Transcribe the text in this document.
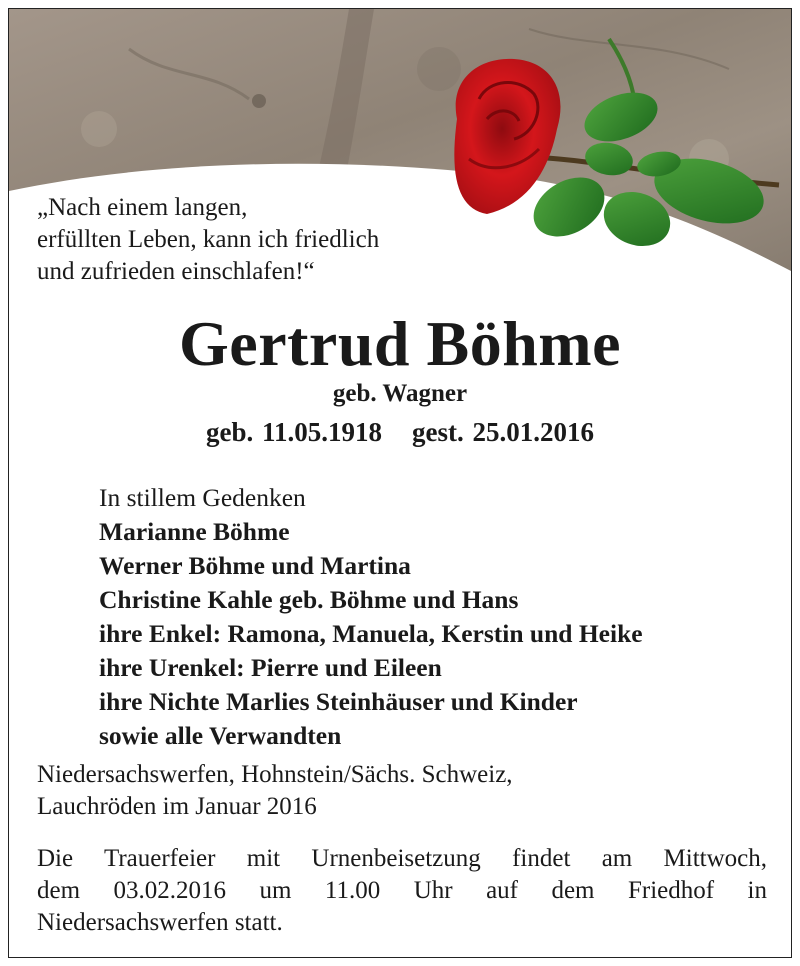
„Nach einem langen,
erfüllten Leben, kann ich friedlich
und zufrieden einschlafen!“
Gertrud Böhme
geb. Wagner
geb. 11.05.1918 gest. 25.01.2016
In stillem Gedenken
Marianne Böhme
Werner Böhme und Martina
Christine Kahle geb. Böhme und Hans
ihre Enkel: Ramona, Manuela, Kerstin und Heike
ihre Urenkel: Pierre und Eileen
ihre Nichte Marlies Steinhäuser und Kinder
sowie alle Verwandten
Niedersachswerfen, Hohnstein/Sächs. Schweiz,
Lauchröden im Januar 2016
Die Trauerfeier mit Urnenbeisetzung findet am Mittwoch,
dem 03.02.2016 um 11.00 Uhr auf dem Friedhof in
Niedersachswerfen statt.
